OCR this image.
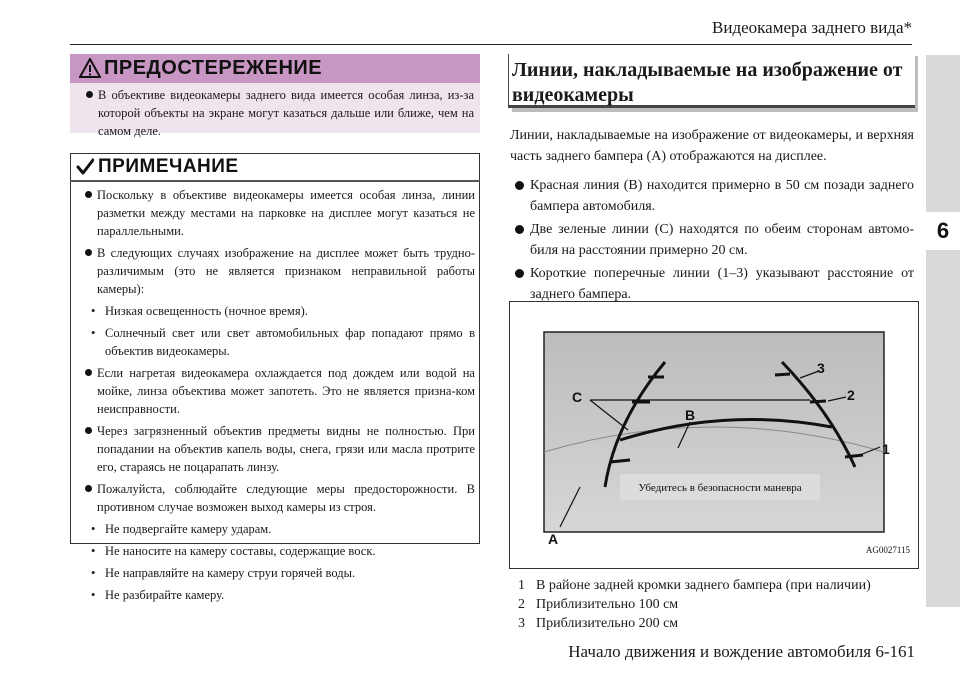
Видеокамера заднего вида*
6
ПРЕДОСТЕРЕЖЕНИЕ
В объективе видеокамеры заднего вида имеется особая линза, из-за которой объекты на экране могут казаться дальше или ближе, чем на самом деле.
ПРИМЕЧАНИЕ
Поскольку в объективе видеокамеры имеется особая линза, линии разметки между местами на парковке на дисплее могут казаться не параллельными.
В следующих случаях изображение на дисплее может быть трудно-различимым (это не является признаком неправильной работы камеры):
• Низкая освещенность (ночное время).
• Солнечный свет или свет автомобильных фар попадают прямо в объектив видеокамеры.
Если нагретая видеокамера охлаждается под дождем или водой на мойке, линза объектива может запотеть. Это не является призна-ком неисправности.
Через загрязненный объектив предметы видны не полностью. При попадании на объектив капель воды, снега, грязи или масла протрите его, стараясь не поцарапать линзу.
Пожалуйста, соблюдайте следующие меры предосторожности. В противном случае возможен выход камеры из строя.
• Не подвергайте камеру ударам.
• Не наносите на камеру составы, содержащие воск.
• Не направляйте на камеру струи горячей воды.
• Не разбирайте камеру.
Линии, накладываемые на изображение от видеокамеры
Линии, накладываемые на изображение от видеокамеры, и верхняя часть заднего бампера (A) отображаются на дисплее.
Красная линия (B) находится примерно в 50 см позади заднего бампера автомобиля.
Две зеленые линии (C) находятся по обеим сторонам автомо-биля на расстоянии примерно 20 см.
Короткие поперечные линии (1–3) указывают расстояние от заднего бампера.
Убедитесь в безопасности маневра
A
B
C
1
2
3
AG0027115
1 В районе задней кромки заднего бампера (при наличии)
2 Приблизительно 100 см
3 Приблизительно 200 см
Начало движения и вождение автомобиля 6-161
